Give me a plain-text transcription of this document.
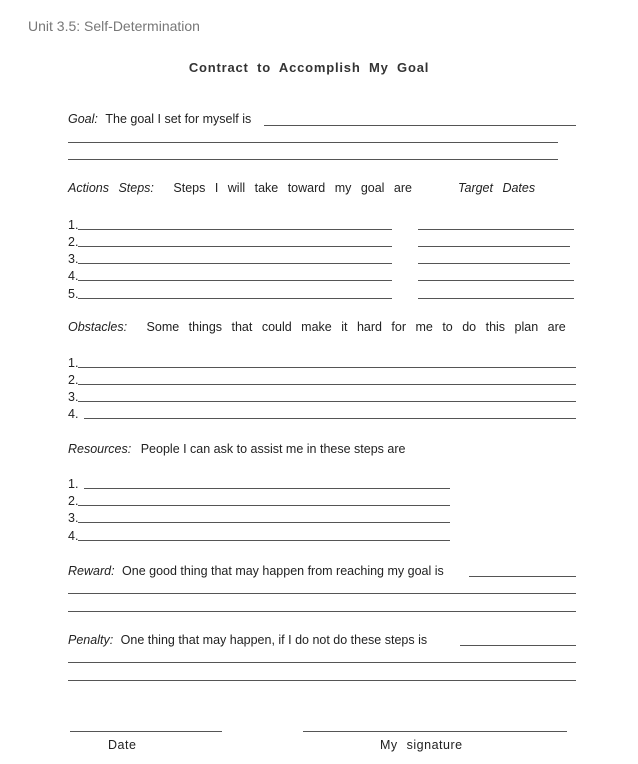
Unit 3.5: Self-Determination
Contract to Accomplish My Goal
Goal: The goal I set for myself is
Actions Steps: Steps I will take toward my goal are	Target Dates
1.
2.
3.
4.
5.
Obstacles: Some things that could make it hard for me to do this plan are
1.
2.
3.
4.
Resources: People I can ask to assist me in these steps are
1.
2.
3.
4.
Reward: One good thing that may happen from reaching my goal is
Penalty: One thing that may happen, if I do not do these steps is
Date	My signature
